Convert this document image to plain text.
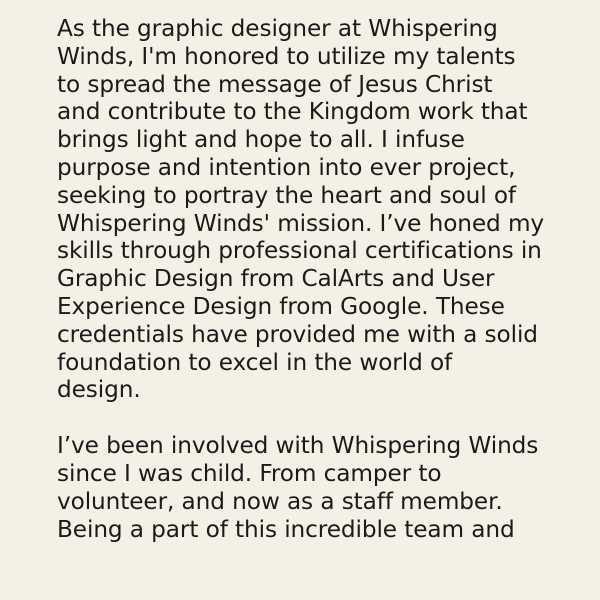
As the graphic designer at Whispering
Winds, I'm honored to utilize my talents
to spread the message of Jesus Christ
and contribute to the Kingdom work that
brings light and hope to all. I infuse
purpose and intention into ever project,
seeking to portray the heart and soul of
Whispering Winds' mission. I’ve honed my
skills through professional certifications in
Graphic Design from CalArts and User
Experience Design from Google. These
credentials have provided me with a solid
foundation to excel in the world of
design.

I’ve been involved with Whispering Winds
since I was child. From camper to
volunteer, and now as a staff member.
Being a part of this incredible team and
